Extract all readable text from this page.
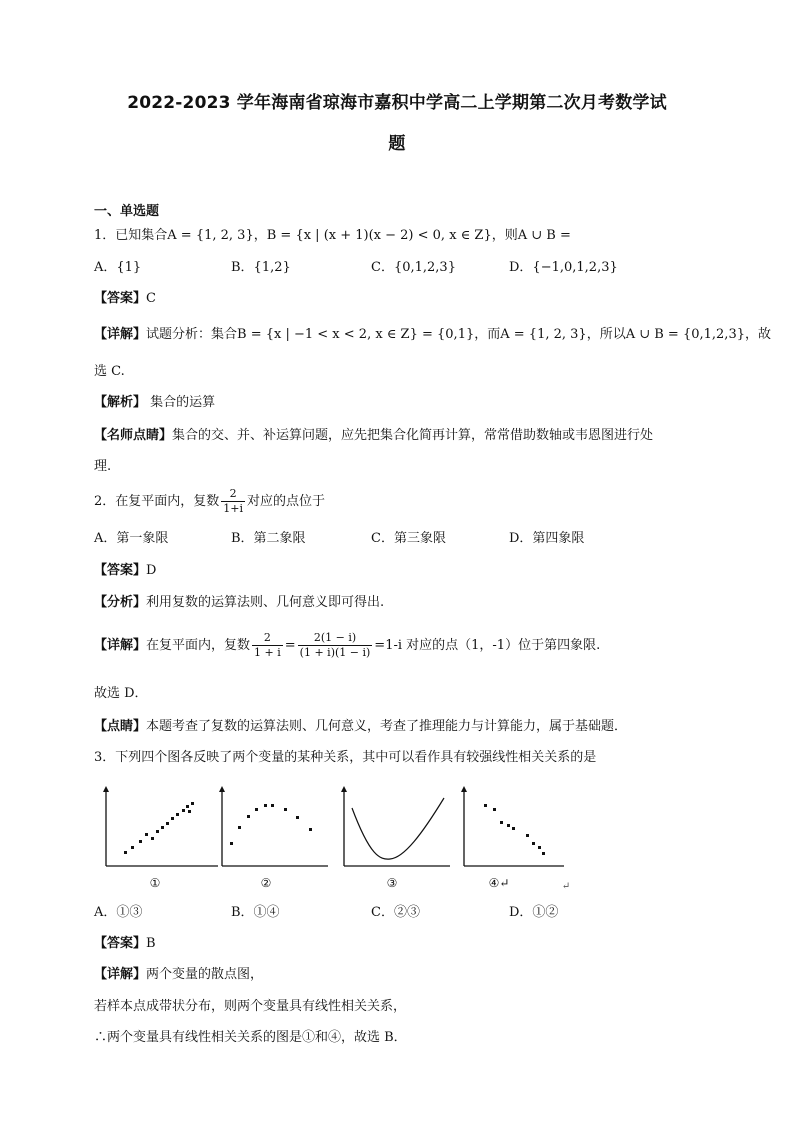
2022-2023 学年海南省琼海市嘉积中学高二上学期第二次月考数学试
题
一、单选题
1．已知集合A = {1, 2, 3}，B = {x | (x + 1)(x − 2) < 0, x ∈ Z}，则A ∪ B =
A．{1}	B．{1,2}	C．{0,1,2,3}	D．{−1,0,1,2,3}
【答案】C
【详解】试题分析：集合B = {x | −1 < x < 2, x ∈ Z} = {0,1}，而A = {1, 2, 3}，所以A ∪ B = {0,1,2,3}，故
选 C.
【解析】 集合的运算
【名师点睛】集合的交、并、补运算问题，应先把集合化简再计算，常常借助数轴或韦恩图进行处
理.
2．在复平面内，复数 $\frac{2}{1+i}$ 对应的点位于
A．第一象限	B．第二象限	C．第三象限	D．第四象限
【答案】D
【分析】利用复数的运算法则、几何意义即可得出.
【详解】在复平面内，复数 $\frac{2}{1 + i} = \frac{2(1 - i)}{(1 + i)(1 - i)} =1-i$ 对应的点（1，-1）位于第四象限.
故选 D．
【点睛】本题考查了复数的运算法则、几何意义，考查了推理能力与计算能力，属于基础题．
3．下列四个图各反映了两个变量的某种关系，其中可以看作具有较强线性相关关系的是
①	②	③	④↵	↵
A．①③	B．①④	C．②③	D．①②
【答案】B
【详解】两个变量的散点图，
若样本点成带状分布，则两个变量具有线性相关关系，
∴两个变量具有线性相关关系的图是①和④，故选 B．
